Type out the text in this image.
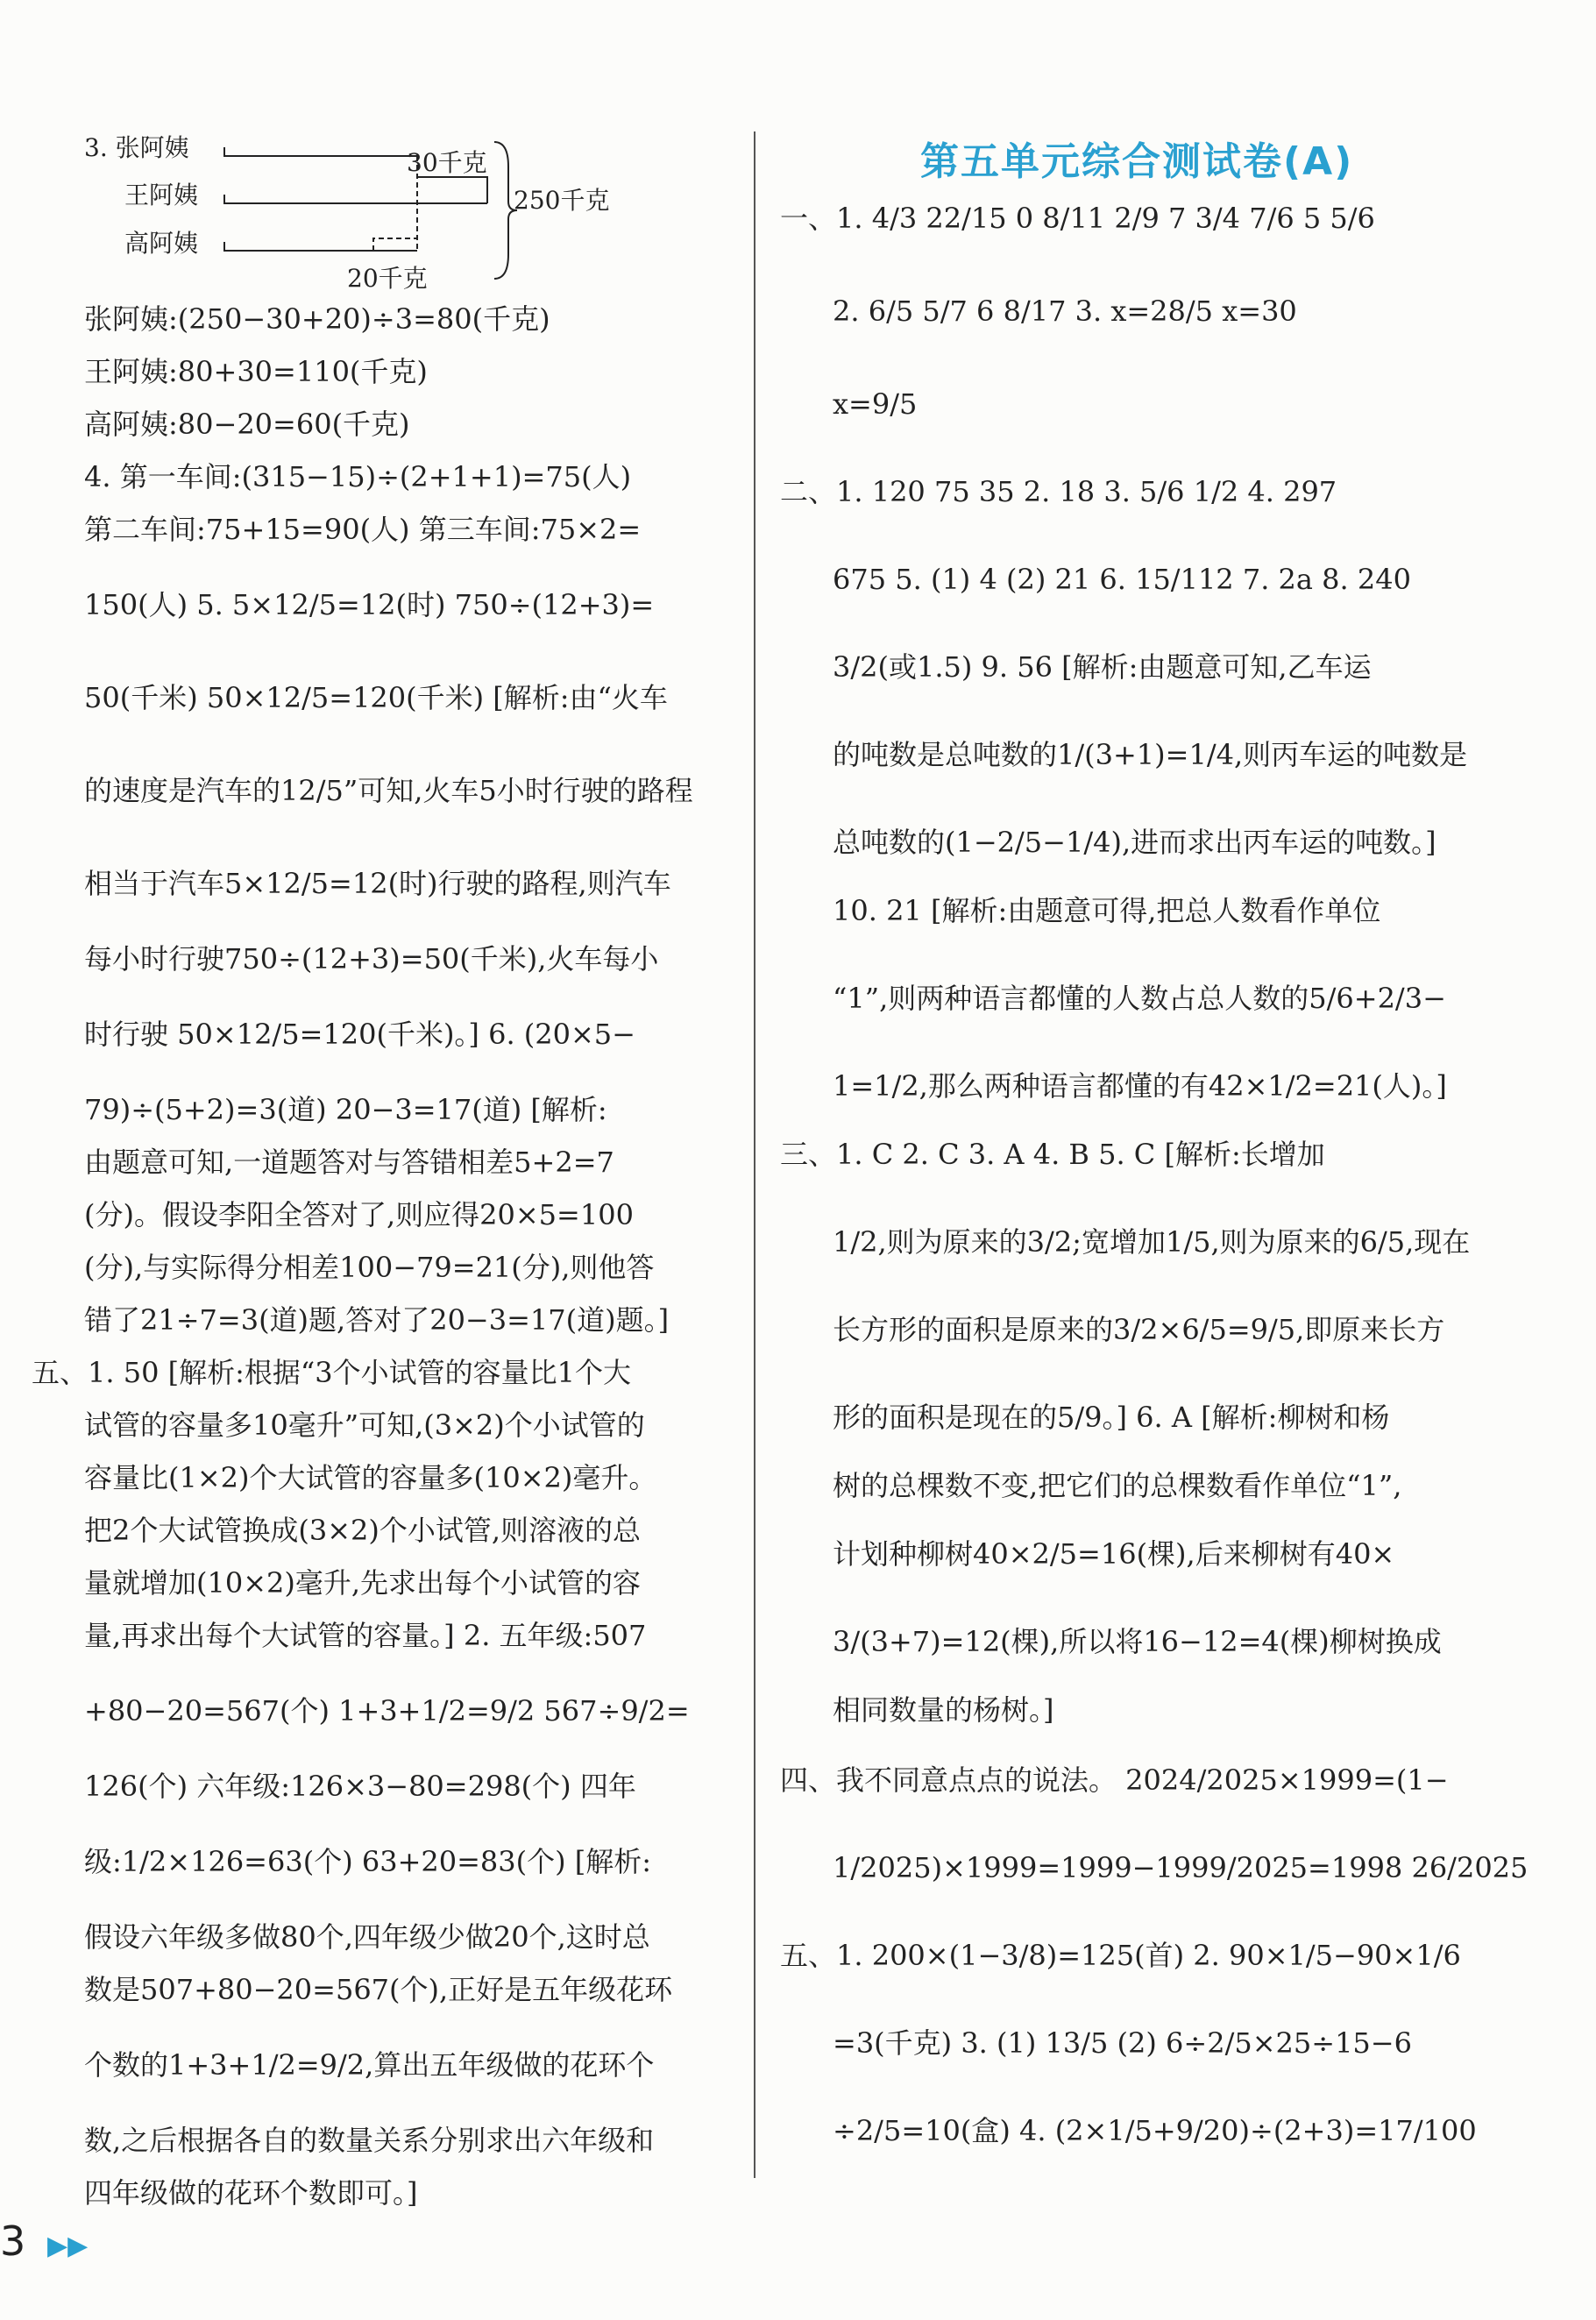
3. 张阿姨
王阿姨
高阿姨
30千克
250千克
20千克
第五单元综合测试卷(A)
张阿姨:(250−30+20)÷3=80(千克)
王阿姨:80+30=110(千克)
高阿姨:80−20=60(千克)
4. 第一车间:(315−15)÷(2+1+1)=75(人)
第二车间:75+15=90(人) 第三车间:75×2=
150(人) 5. 5×12/5=12(时) 750÷(12+3)=
50(千米) 50×12/5=120(千米) [解析:由“火车
的速度是汽车的12/5”可知,火车5小时行驶的路程
相当于汽车5×12/5=12(时)行驶的路程,则汽车
每小时行驶750÷(12+3)=50(千米),火车每小
时行驶 50×12/5=120(千米)。] 6. (20×5−
79)÷(5+2)=3(道) 20−3=17(道) [解析:
由题意可知,一道题答对与答错相差5+2=7
(分)。假设李阳全答对了,则应得20×5=100
(分),与实际得分相差100−79=21(分),则他答
错了21÷7=3(道)题,答对了20−3=17(道)题。]
五、1. 50 [解析:根据“3个小试管的容量比1个大
试管的容量多10毫升”可知,(3×2)个小试管的
容量比(1×2)个大试管的容量多(10×2)毫升。
把2个大试管换成(3×2)个小试管,则溶液的总
量就增加(10×2)毫升,先求出每个小试管的容
量,再求出每个大试管的容量。] 2. 五年级:507
+80−20=567(个) 1+3+1/2=9/2 567÷9/2=
126(个) 六年级:126×3−80=298(个) 四年
级:1/2×126=63(个) 63+20=83(个) [解析:
假设六年级多做80个,四年级少做20个,这时总
数是507+80−20=567(个),正好是五年级花环
个数的1+3+1/2=9/2,算出五年级做的花环个
数,之后根据各自的数量关系分别求出六年级和
四年级做的花环个数即可。]
一、1. 4/3 22/15 0 8/11 2/9 7 3/4 7/6 5 5/6
2. 6/5 5/7 6 8/17 3. x=28/5 x=30
x=9/5
二、1. 120 75 35 2. 18 3. 5/6 1/2 4. 297
675 5. (1) 4 (2) 21 6. 15/112 7. 2a 8. 240
3/2(或1.5) 9. 56 [解析:由题意可知,乙车运
的吨数是总吨数的1/(3+1)=1/4,则丙车运的吨数是
总吨数的(1−2/5−1/4),进而求出丙车运的吨数。]
10. 21 [解析:由题意可得,把总人数看作单位
“1”,则两种语言都懂的人数占总人数的5/6+2/3−
1=1/2,那么两种语言都懂的有42×1/2=21(人)。]
三、1. C 2. C 3. A 4. B 5. C [解析:长增加
1/2,则为原来的3/2;宽增加1/5,则为原来的6/5,现在
长方形的面积是原来的3/2×6/5=9/5,即原来长方
形的面积是现在的5/9。] 6. A [解析:柳树和杨
树的总棵数不变,把它们的总棵数看作单位“1”,
计划种柳树40×2/5=16(棵),后来柳树有40×
3/(3+7)=12(棵),所以将16−12=4(棵)柳树换成
相同数量的杨树。]
四、我不同意点点的说法。 2024/2025×1999=(1−
1/2025)×1999=1999−1999/2025=1998 26/2025
五、1. 200×(1−3/8)=125(首) 2. 90×1/5−90×1/6
=3(千克) 3. (1) 13/5 (2) 6÷2/5×25÷15−6
÷2/5=10(盒) 4. (2×1/5+9/20)÷(2+3)=17/100
3 ▶▶
